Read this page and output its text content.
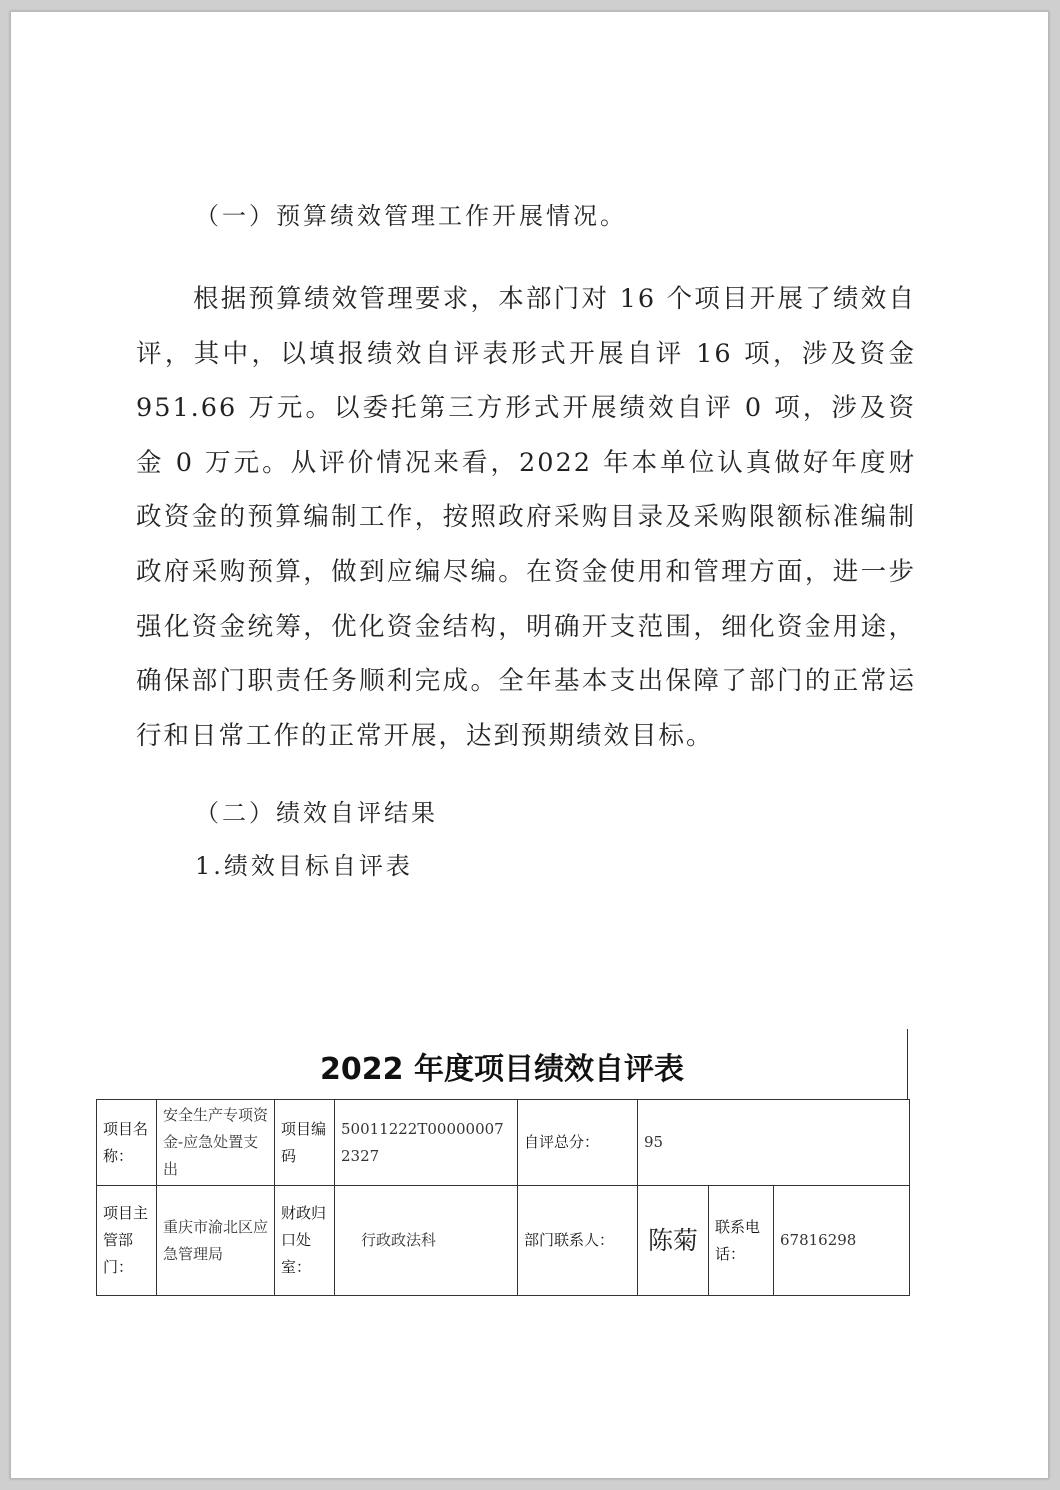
（一）预算绩效管理工作开展情况。

根据预算绩效管理要求，本部门对 16 个项目开展了绩效自评，其中，以填报绩效自评表形式开展自评 16 项，涉及资金 951.66 万元。以委托第三方形式开展绩效自评 0 项，涉及资金 0 万元。从评价情况来看，2022 年本单位认真做好年度财政资金的预算编制工作，按照政府采购目录及采购限额标准编制政府采购预算，做到应编尽编。在资金使用和管理方面，进一步强化资金统筹，优化资金结构，明确开支范围，细化资金用途，确保部门职责任务顺利完成。全年基本支出保障了部门的正常运行和日常工作的正常开展，达到预期绩效目标。

（二）绩效自评结果

1.绩效目标自评表

2022 年度项目绩效自评表
项目名称：	安全生产专项资金-应急处置支出	项目编码	50011222T000000072327	自评总分：	95		
项目主管部门：	重庆市渝北区应急管理局	财政归口处室：	行政政法科	部门联系人：	陈菊	联系电话：	67816298
